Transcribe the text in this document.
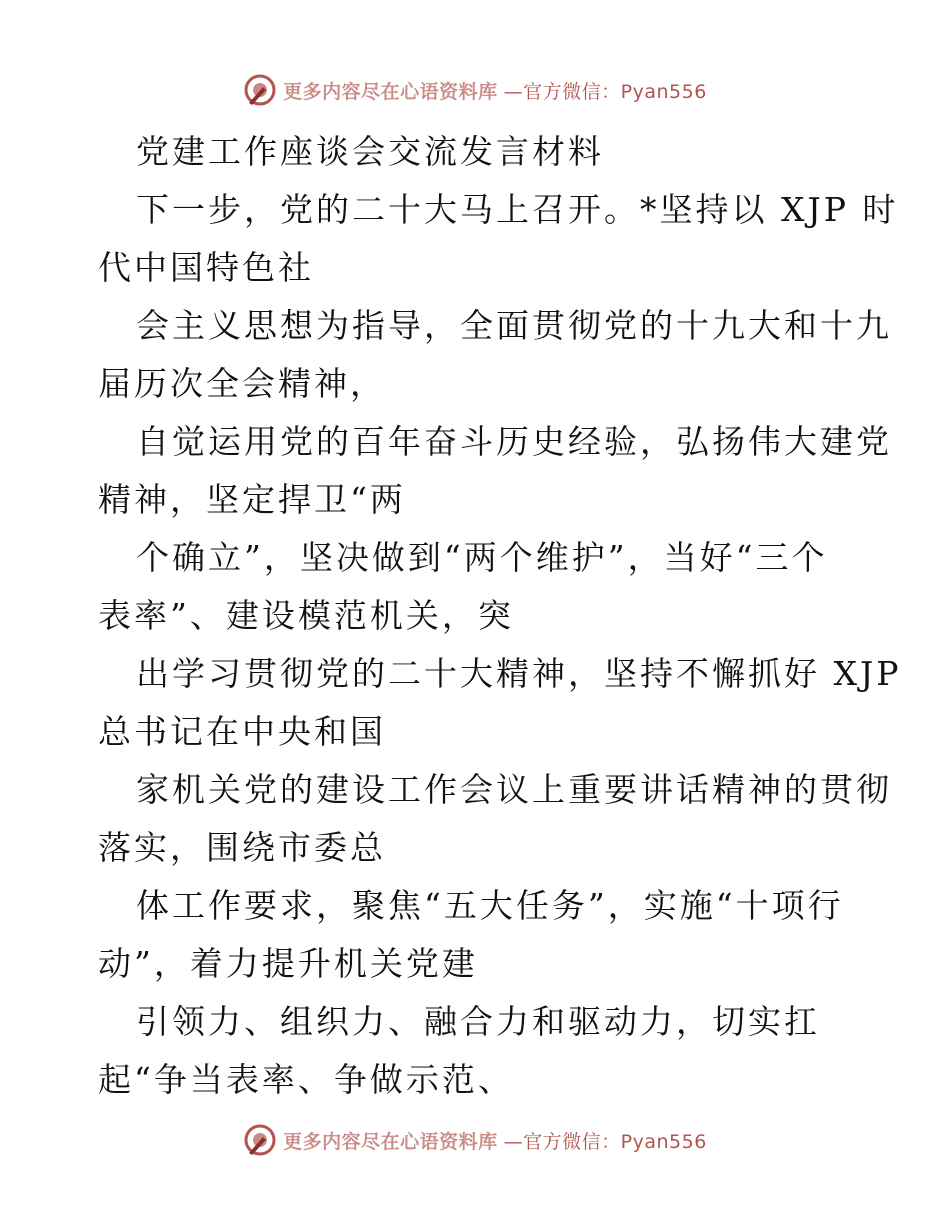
更多内容尽在心语资料库 —官方微信：Pyan556
党建工作座谈会交流发言材料
下一步，党的二十大马上召开。*坚持以 XJP 时
代中国特色社
会主义思想为指导，全面贯彻党的十九大和十九
届历次全会精神，
自觉运用党的百年奋斗历史经验，弘扬伟大建党
精神，坚定捍卫“两
个确立”，坚决做到“两个维护”，当好“三个
表率”、建设模范机关，突
出学习贯彻党的二十大精神，坚持不懈抓好 XJP
总书记在中央和国
家机关党的建设工作会议上重要讲话精神的贯彻
落实，围绕市委总
体工作要求，聚焦“五大任务”，实施“十项行
动”，着力提升机关党建
引领力、组织力、融合力和驱动力，切实扛
起“争当表率、争做示范、
更多内容尽在心语资料库 —官方微信：Pyan556
